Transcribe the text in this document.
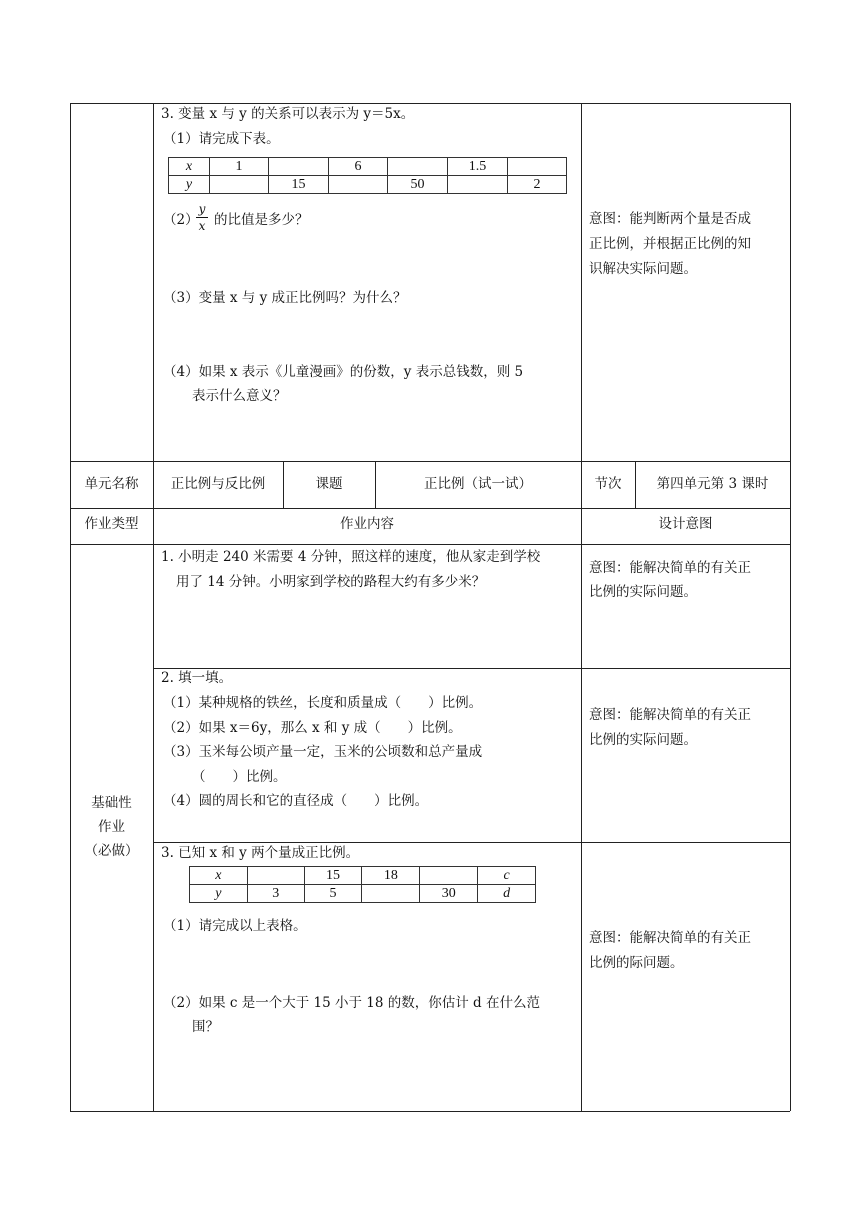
3. 变量 x 与 y 的关系可以表示为 y＝5x。
（1）请完成下表。
x	1		6		1.5	
y		15		50		2
（2）
y
x 的比值是多少？
（3）变量 x 与 y 成正比例吗？为什么？
（4）如果 x 表示《儿童漫画》的份数，y 表示总钱数，则 5
表示什么意义？
意图：能判断两个量是否成
正比例，并根据正比例的知
识解决实际问题。
单元名称	正比例与反比例	课题	正比例（试一试）	节次	第四单元第 3 课时
作业类型	作业内容	设计意图
基础性
作业
（必做）
1. 小明走 240 米需要 4 分钟，照这样的速度，他从家走到学校
用了 14 分钟。小明家到学校的路程大约有多少米？
意图：能解决简单的有关正
比例的实际问题。
2. 填一填。
（1）某种规格的铁丝，长度和质量成（　　）比例。
（2）如果 x＝6y，那么 x 和 y 成（　　）比例。
（3）玉米每公顷产量一定，玉米的公顷数和总产量成
（　　）比例。
（4）圆的周长和它的直径成（　　）比例。
意图：能解决简单的有关正
比例的实际问题。
3. 已知 x 和 y 两个量成正比例。
x		15	18		c
y	3	5		30	d
（1）请完成以上表格。
（2）如果 c 是一个大于 15 小于 18 的数，你估计 d 在什么范
围？
意图：能解决简单的有关正
比例的际问题。
